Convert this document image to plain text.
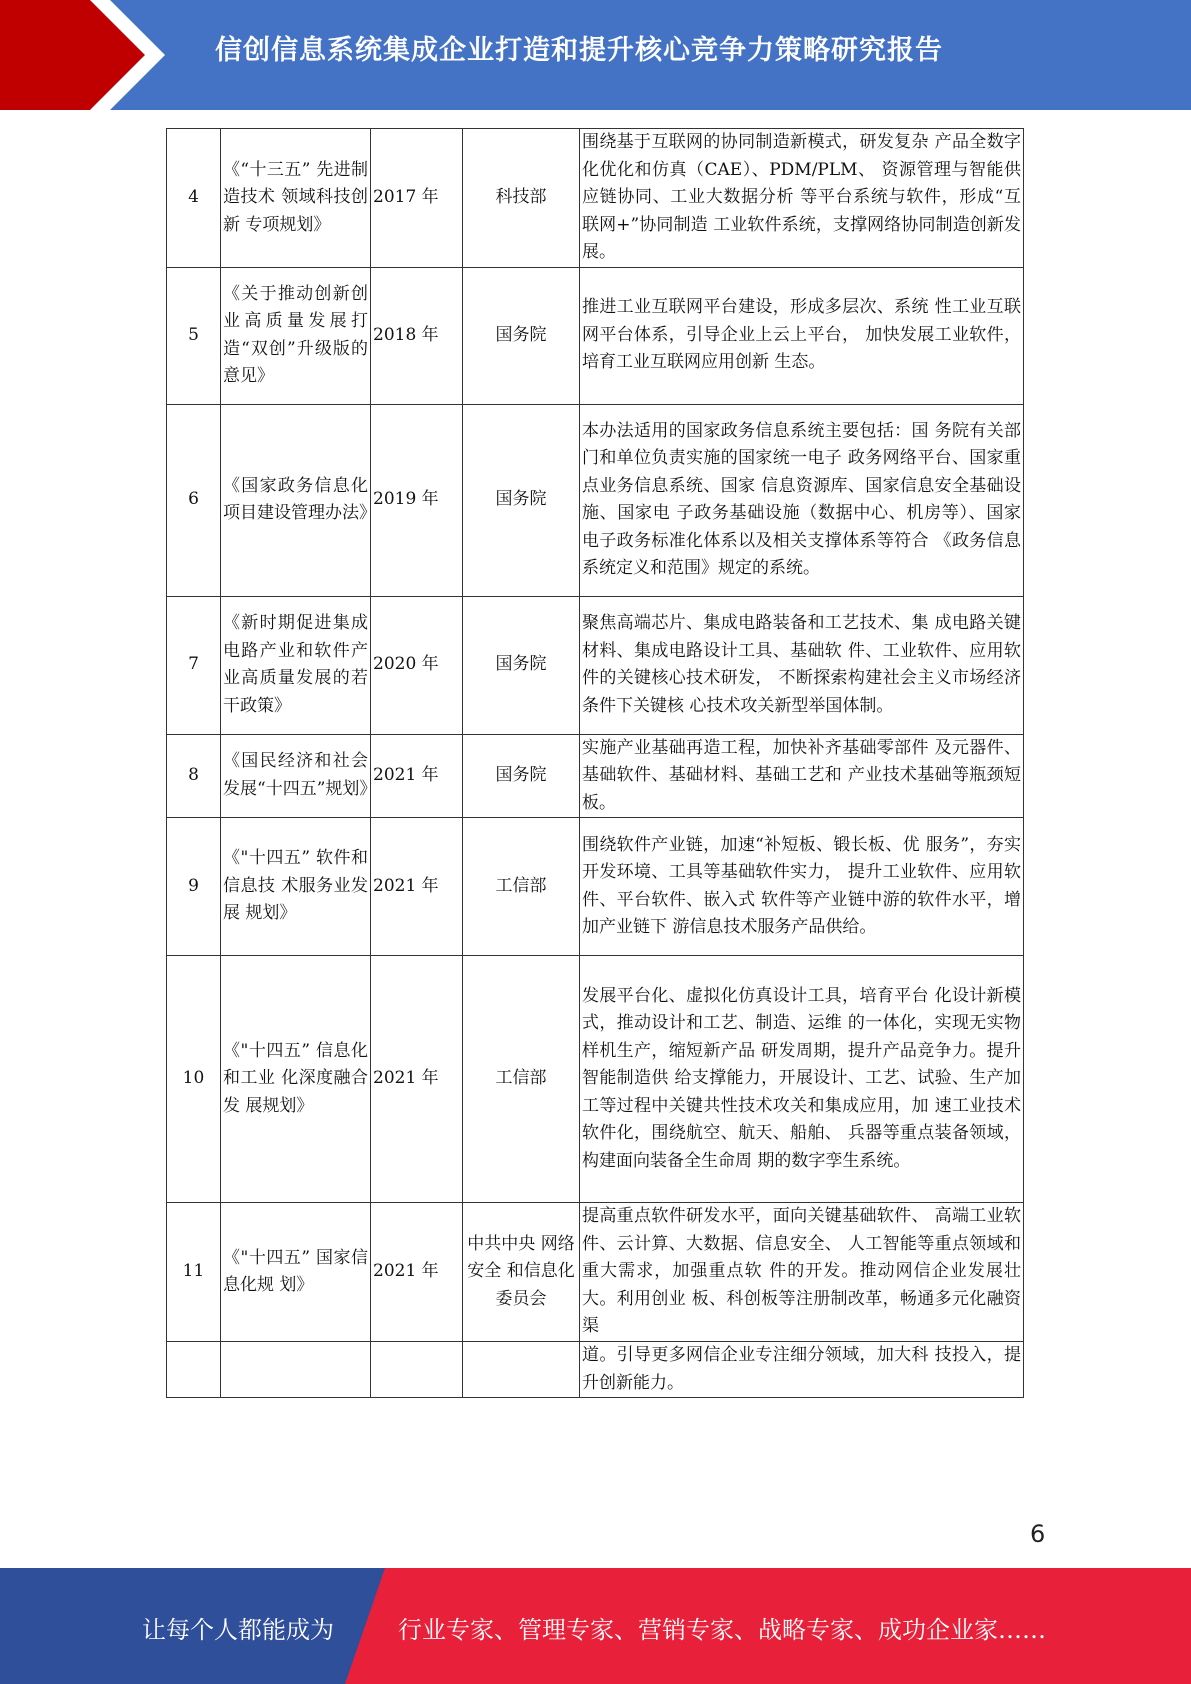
信创信息系统集成企业打造和提升核心竞争力策略研究报告
4	《“十三五” 先进制造技术 领域科技创新 专项规划》	2017 年	科技部	围绕基于互联网的协同制造新模式，研发复杂 产品全数字化优化和仿真（CAE）、PDM/PLM、 资源管理与智能供应链协同、工业大数据分析 等平台系统与软件，形成“互联网+”协同制造 工业软件系统，支撑网络协同制造创新发展。
5	《关于推动创新创业高质量发展打造“双创”升级版的意见》	2018 年	国务院	推进工业互联网平台建设，形成多层次、系统 性工业互联网平台体系，引导企业上云上平台， 加快发展工业软件，培育工业互联网应用创新 生态。
6	《国家政务信息化项目建设管理办法》	2019 年	国务院	本办法适用的国家政务信息系统主要包括：国 务院有关部门和单位负责实施的国家统一电子 政务网络平台、国家重点业务信息系统、国家 信息资源库、国家信息安全基础设施、国家电 子政务基础设施（数据中心、机房等）、国家 电子政务标准化体系以及相关支撑体系等符合 《政务信息系统定义和范围》规定的系统。
7	《新时期促进集成电路产业和软件产业高质量发展的若干政策》	2020 年	国务院	聚焦高端芯片、集成电路装备和工艺技术、集 成电路关键材料、集成电路设计工具、基础软 件、工业软件、应用软件的关键核心技术研发， 不断探索构建社会主义市场经济条件下关键核 心技术攻关新型举国体制。
8	《国民经济和社会发展“十四五”规划》	2021 年	国务院	实施产业基础再造工程，加快补齐基础零部件 及元器件、基础软件、基础材料、基础工艺和 产业技术基础等瓶颈短板。
9	《"十四五” 软件和信息技 术服务业发展 规划》	2021 年	工信部	围绕软件产业链，加速“补短板、锻长板、优 服务”，夯实开发环境、工具等基础软件实力， 提升工业软件、应用软件、平台软件、嵌入式 软件等产业链中游的软件水平，增加产业链下 游信息技术服务产品供给。
10	《"十四五” 信息化和工业 化深度融合发 展规划》	2021 年	工信部	发展平台化、虚拟化仿真设计工具，培育平台 化设计新模式，推动设计和工艺、制造、运维 的一体化，实现无实物样机生产，缩短新产品 研发周期，提升产品竞争力。提升智能制造供 给支撑能力，开展设计、工艺、试验、生产加 工等过程中关键共性技术攻关和集成应用，加 速工业技术软件化，围绕航空、航天、船舶、 兵器等重点装备领域，构建面向装备全生命周 期的数字孪生系统。
11	《"十四五” 国家信息化规 划》	2021 年	中共中央 网络安全 和信息化 委员会	提高重点软件研发水平，面向关键基础软件、 高端工业软件、云计算、大数据、信息安全、 人工智能等重点领域和重大需求，加强重点软 件的开发。推动网信企业发展壮大。利用创业 板、科创板等注册制改革，畅通多元化融资渠
				道。引导更多网信企业专注细分领域，加大科 技投入，提升创新能力。
6
让每个人都能成为	行业专家、管理专家、营销专家、战略专家、成功企业家……
